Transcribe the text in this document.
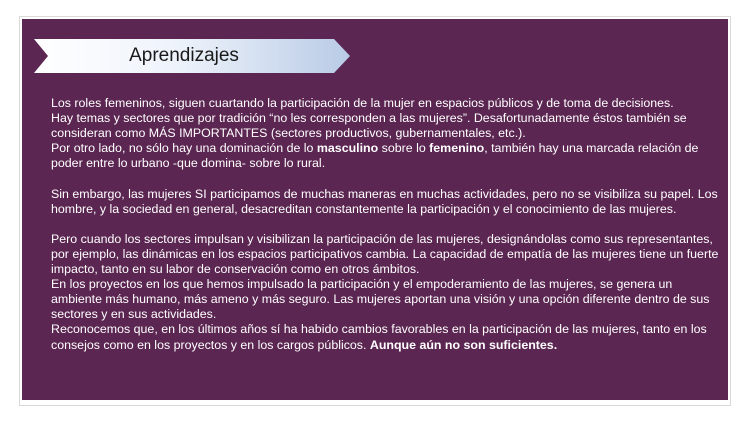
Aprendizajes

Los roles femeninos, siguen cuartando la participación de la mujer en espacios públicos y de toma de decisiones.

Hay temas y sectores que por tradición “no les corresponden a las mujeres”. Desafortunadamente éstos también se consideran como MÁS IMPORTANTES (sectores productivos, gubernamentales, etc.).

Por otro lado, no sólo hay una dominación de lo masculino sobre lo femenino, también hay una marcada relación de poder entre lo urbano -que domina- sobre lo rural.

Sin embargo, las mujeres SI participamos de muchas maneras en muchas actividades, pero no se visibiliza su papel. Los hombre, y la sociedad en general, desacreditan constantemente la participación y el conocimiento de las mujeres.

Pero cuando los sectores impulsan y visibilizan la participación de las mujeres, designándolas como sus representantes, por ejemplo, las dinámicas en los espacios participativos cambia. La capacidad de empatía de las mujeres tiene un fuerte impacto, tanto en su labor de conservación como en otros ámbitos.

En los proyectos en los que hemos impulsado la participación y el empoderamiento de las mujeres, se genera un ambiente más humano, más ameno y más seguro. Las mujeres aportan una visión y una opción diferente dentro de sus sectores y en sus actividades.

Reconocemos que, en los últimos años sí ha habido cambios favorables en la participación de las mujeres, tanto en los consejos como en los proyectos y en los cargos públicos. Aunque aún no son suficientes.
